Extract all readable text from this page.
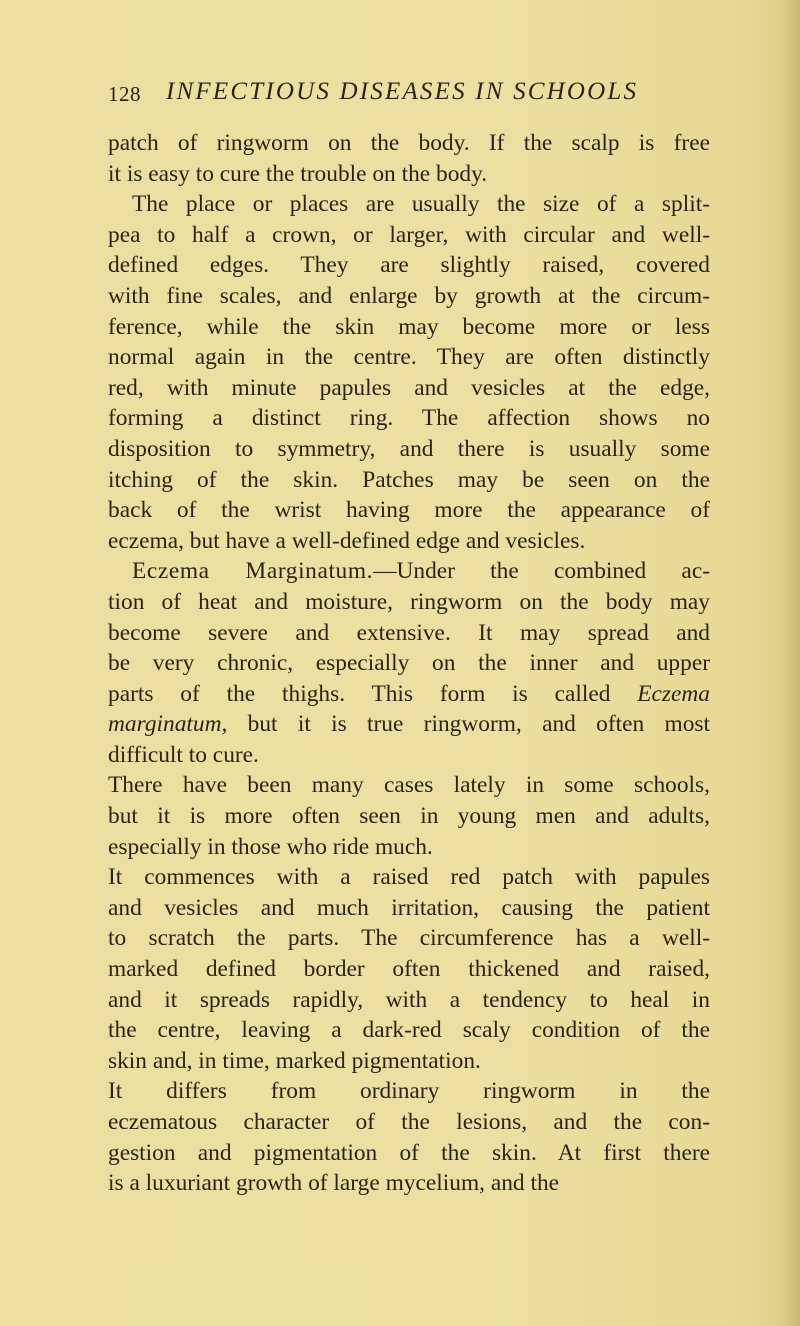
128 INFECTIOUS DISEASES IN SCHOOLS
patch of ringworm on the body. If the scalp is free
it is easy to cure the trouble on the body.
The place or places are usually the size of a split-
pea to half a crown, or larger, with circular and well-
defined edges. They are slightly raised, covered
with fine scales, and enlarge by growth at the circum-
ference, while the skin may become more or less
normal again in the centre. They are often distinctly
red, with minute papules and vesicles at the edge,
forming a distinct ring. The affection shows no
disposition to symmetry, and there is usually some
itching of the skin. Patches may be seen on the
back of the wrist having more the appearance of
eczema, but have a well-defined edge and vesicles.
Eczema Marginatum.—Under the combined ac-
tion of heat and moisture, ringworm on the body may
become severe and extensive. It may spread and
be very chronic, especially on the inner and upper
parts of the thighs. This form is called Eczema
marginatum, but it is true ringworm, and often most
difficult to cure.
There have been many cases lately in some schools,
but it is more often seen in young men and adults,
especially in those who ride much.
It commences with a raised red patch with papules
and vesicles and much irritation, causing the patient
to scratch the parts. The circumference has a well-
marked defined border often thickened and raised,
and it spreads rapidly, with a tendency to heal in
the centre, leaving a dark-red scaly condition of the
skin and, in time, marked pigmentation.
It differs from ordinary ringworm in the
eczematous character of the lesions, and the con-
gestion and pigmentation of the skin. At first there
is a luxuriant growth of large mycelium, and the
